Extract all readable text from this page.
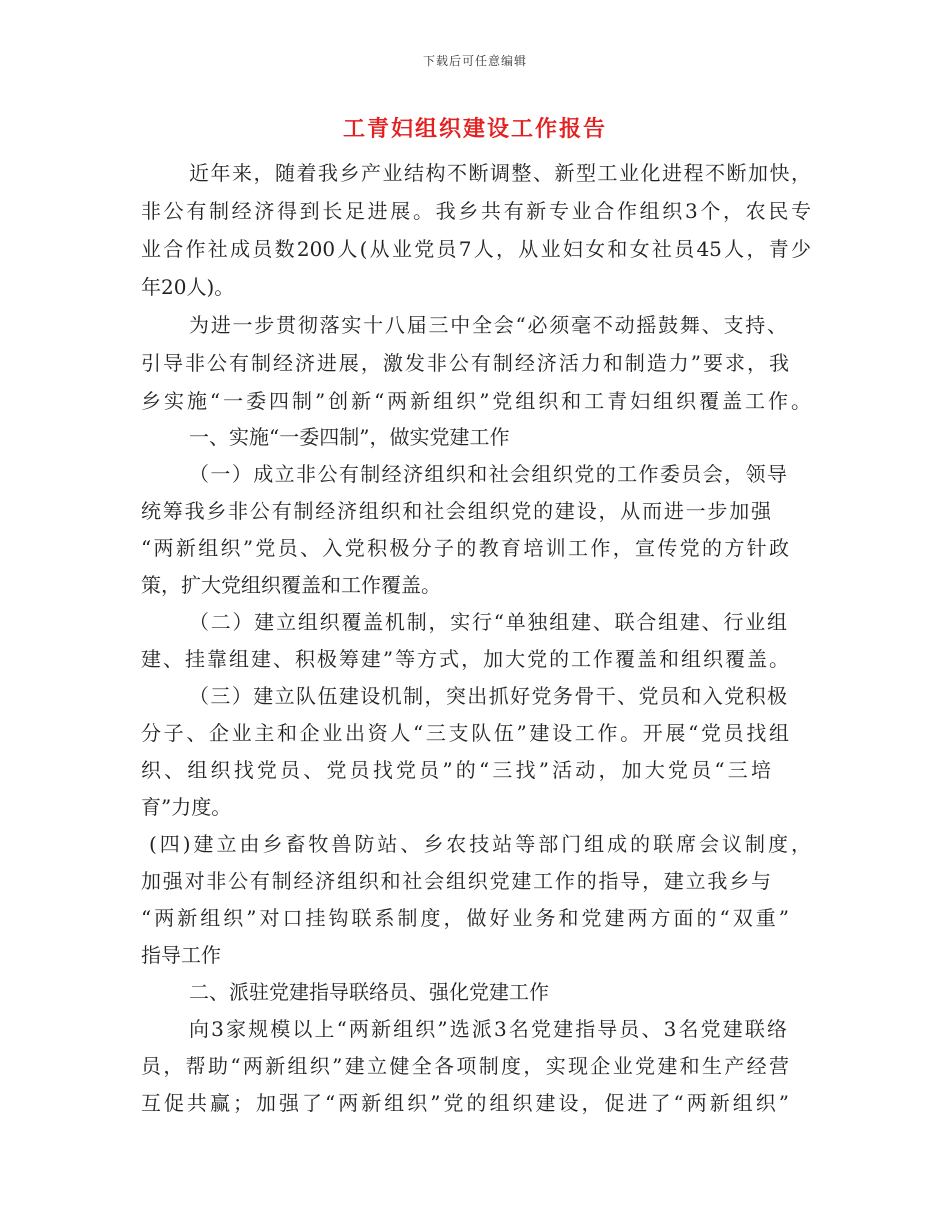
下载后可任意编辑
工青妇组织建设工作报告
近年来，随着我乡产业结构不断调整、新型工业化进程不断加快，
非公有制经济得到长足进展。我乡共有新专业合作组织3个，农民专
业合作社成员数200人(从业党员7人，从业妇女和女社员45人，青少
年20人)。
为进一步贯彻落实十八届三中全会“必须毫不动摇鼓舞、支持、
引导非公有制经济进展，激发非公有制经济活力和制造力”要求，我
乡实施“一委四制”创新“两新组织”党组织和工青妇组织覆盖工作。
一、实施“一委四制”，做实党建工作
（一）成立非公有制经济组织和社会组织党的工作委员会，领导
统筹我乡非公有制经济组织和社会组织党的建设，从而进一步加强
“两新组织”党员、入党积极分子的教育培训工作，宣传党的方针政
策，扩大党组织覆盖和工作覆盖。
（二）建立组织覆盖机制，实行“单独组建、联合组建、行业组
建、挂靠组建、积极筹建”等方式，加大党的工作覆盖和组织覆盖。
（三）建立队伍建设机制，突出抓好党务骨干、党员和入党积极
分子、企业主和企业出资人“三支队伍”建设工作。开展“党员找组
织、组织找党员、党员找党员”的“三找”活动，加大党员“三培
育”力度。
(四)建立由乡畜牧兽防站、乡农技站等部门组成的联席会议制度，
加强对非公有制经济组织和社会组织党建工作的指导，建立我乡与
“两新组织”对口挂钩联系制度，做好业务和党建两方面的“双重”
指导工作
二、派驻党建指导联络员、强化党建工作
向3家规模以上“两新组织”选派3名党建指导员、3名党建联络
员，帮助“两新组织”建立健全各项制度，实现企业党建和生产经营
互促共赢；加强了“两新组织”党的组织建设，促进了“两新组织”
